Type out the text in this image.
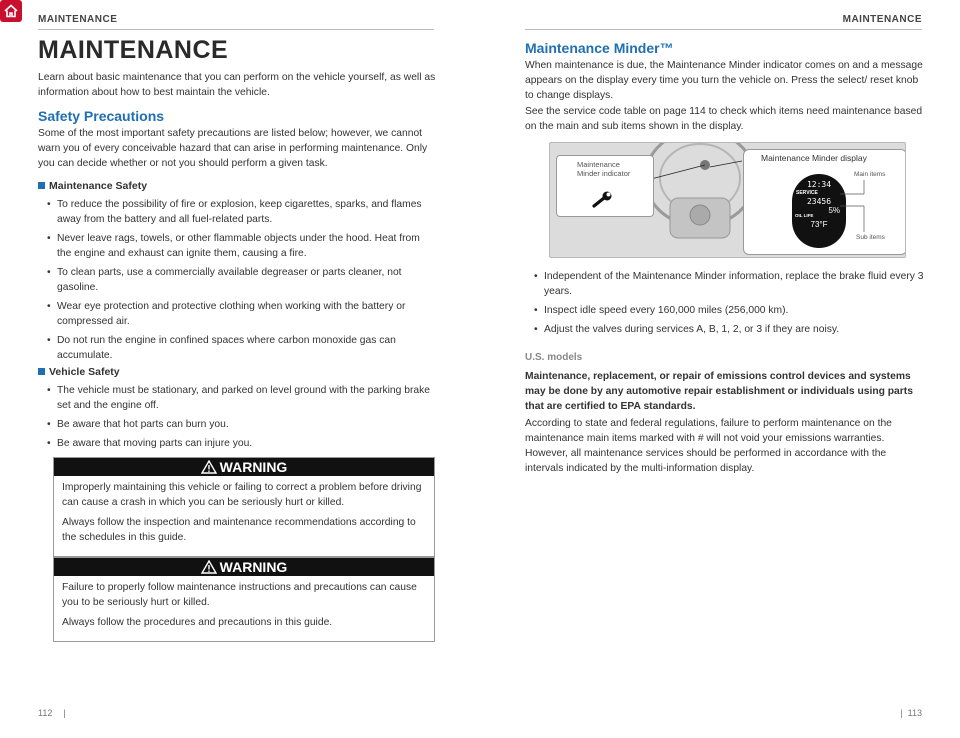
MAINTENANCE	MAINTENANCE
MAINTENANCE
Learn about basic maintenance that you can perform on the vehicle yourself, as well as information about how to best maintain the vehicle.
Safety Precautions
Some of the most important safety precautions are listed below; however, we cannot warn you of every conceivable hazard that can arise in performing maintenance. Only you can decide whether or not you should perform a given task.
Maintenance Safety
• To reduce the possibility of fire or explosion, keep cigarettes, sparks, and flames away from the battery and all fuel-related parts.
• Never leave rags, towels, or other flammable objects under the hood. Heat from the engine and exhaust can ignite them, causing a fire.
• To clean parts, use a commercially available degreaser or parts cleaner, not gasoline.
• Wear eye protection and protective clothing when working with the battery or compressed air.
• Do not run the engine in confined spaces where carbon monoxide gas can accumulate.
Vehicle Safety
• The vehicle must be stationary, and parked on level ground with the parking brake set and the engine off.
• Be aware that hot parts can burn you.
• Be aware that moving parts can injure you.
WARNING

Improperly maintaining this vehicle or failing to correct a problem before driving can cause a crash in which you can be seriously hurt or killed.

Always follow the inspection and maintenance recommendations according to the schedules in this guide.

WARNING

Failure to properly follow maintenance instructions and precautions can cause you to be seriously hurt or killed.

Always follow the procedures and precautions in this guide.

Maintenance Minder™
When maintenance is due, the Maintenance Minder indicator comes on and a message appears on the display every time you turn the vehicle on. Press the select/ reset knob to change displays.
See the service code table on page 114 to check which items need maintenance based on the main and sub items shown in the display.
Maintenance Minder indicator
Maintenance Minder display
12:34
SERVICE
23456
5%
OIL LIFE
73°F
Main items
Sub items
• Independent of the Maintenance Minder information, replace the brake fluid every 3 years.
• Inspect idle speed every 160,000 miles (256,000 km).
• Adjust the valves during services A, B, 1, 2, or 3 if they are noisy.
U.S. models
Maintenance, replacement, or repair of emissions control devices and systems may be done by any automotive repair establishment or individuals using parts that are certified to EPA standards.
According to state and federal regulations, failure to perform maintenance on the maintenance main items marked with # will not void your emissions warranties. However, all maintenance services should be performed in accordance with the intervals indicated by the multi-information display.
112 |	| 113
